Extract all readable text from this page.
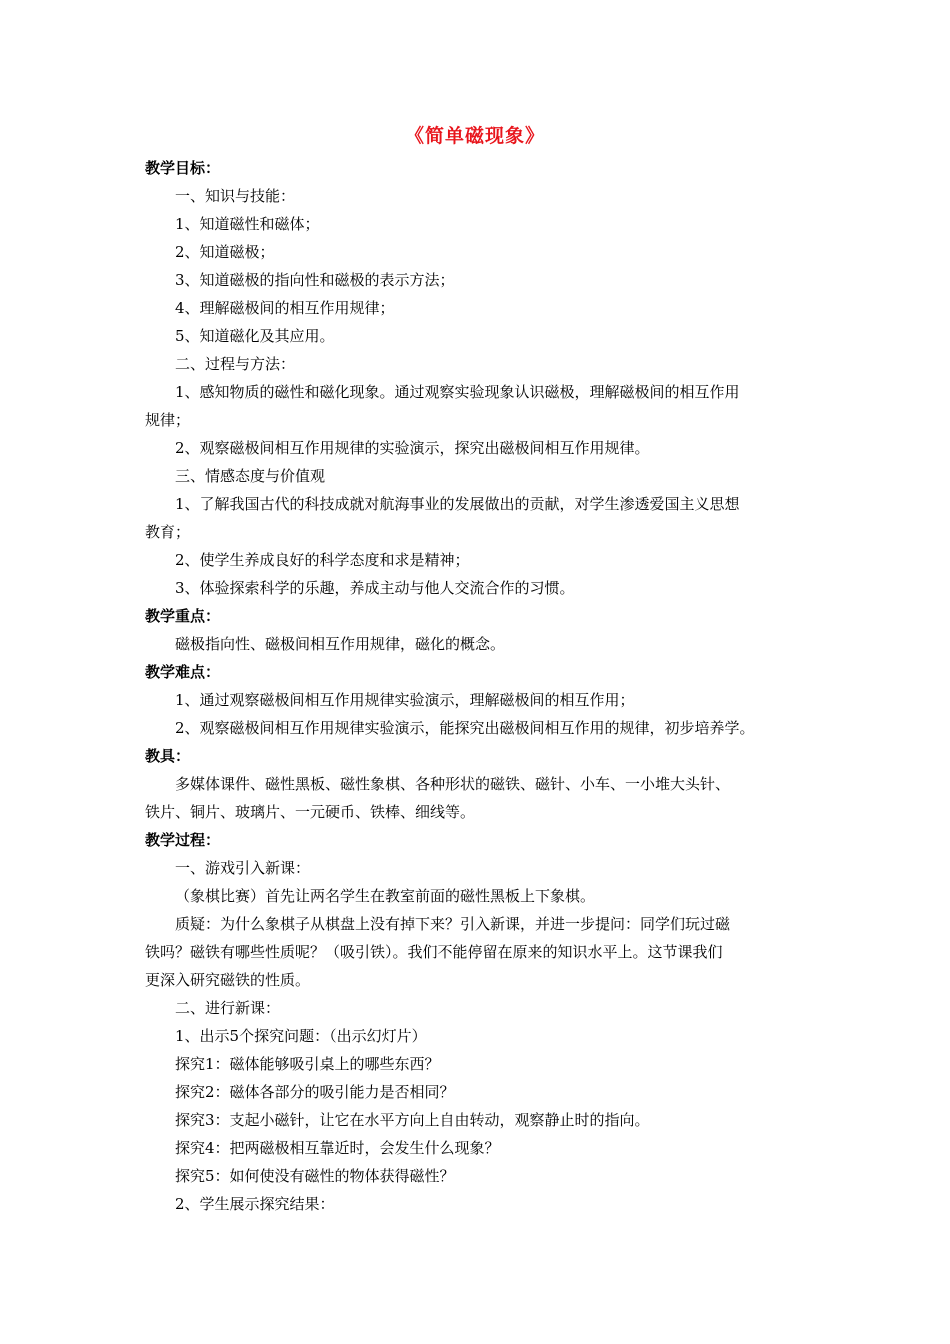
《简单磁现象》
教学目标：
一、知识与技能：
1、知道磁性和磁体；
2、知道磁极；
3、知道磁极的指向性和磁极的表示方法；
4、理解磁极间的相互作用规律；
5、知道磁化及其应用。
二、过程与方法：
1、感知物质的磁性和磁化现象。通过观察实验现象认识磁极，理解磁极间的相互作用
规律；
2、观察磁极间相互作用规律的实验演示，探究出磁极间相互作用规律。
三、情感态度与价值观
1、了解我国古代的科技成就对航海事业的发展做出的贡献，对学生渗透爱国主义思想
教育；
2、使学生养成良好的科学态度和求是精神；
3、体验探索科学的乐趣，养成主动与他人交流合作的习惯。
教学重点：
磁极指向性、磁极间相互作用规律，磁化的概念。
教学难点：
1、通过观察磁极间相互作用规律实验演示，理解磁极间的相互作用；
2、观察磁极间相互作用规律实验演示，能探究出磁极间相互作用的规律，初步培养学。
教具：
多媒体课件、磁性黑板、磁性象棋、各种形状的磁铁、磁针、小车、一小堆大头针、
铁片、铜片、玻璃片、一元硬币、铁棒、细线等。
教学过程：
一、游戏引入新课：
（象棋比赛）首先让两名学生在教室前面的磁性黑板上下象棋。
质疑：为什么象棋子从棋盘上没有掉下来？引入新课，并进一步提问：同学们玩过磁
铁吗？磁铁有哪些性质呢？（吸引铁）。我们不能停留在原来的知识水平上。这节课我们
更深入研究磁铁的性质。
二、进行新课：
1、出示5个探究问题：（出示幻灯片）
探究1：磁体能够吸引桌上的哪些东西？
探究2：磁体各部分的吸引能力是否相同？
探究3：支起小磁针，让它在水平方向上自由转动，观察静止时的指向。
探究4：把两磁极相互靠近时，会发生什么现象？
探究5：如何使没有磁性的物体获得磁性？
2、学生展示探究结果：
